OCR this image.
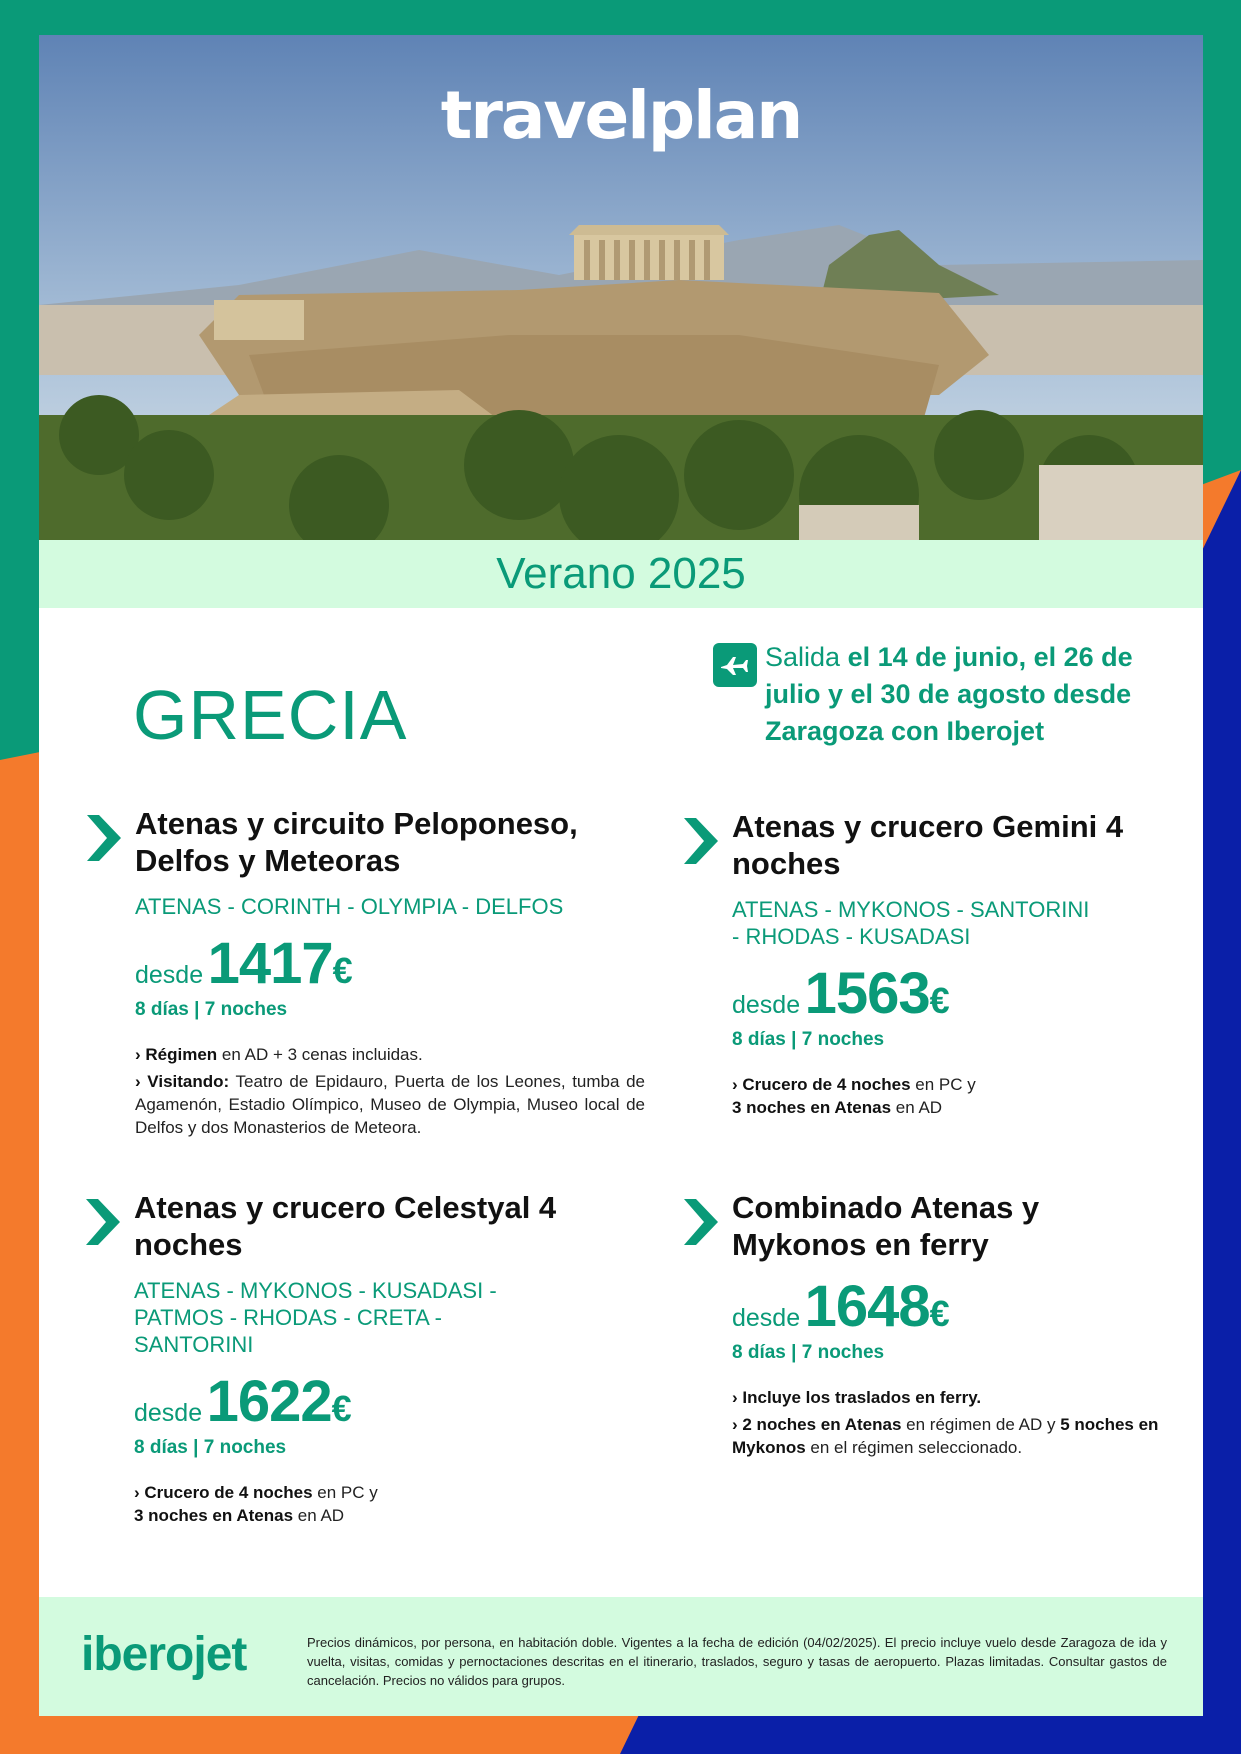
travelplan
Verano 2025
GRECIA
Salida el 14 de junio, el 26 de julio y el 30 de agosto desde Zaragoza con Iberojet
Atenas y circuito Peloponeso, Delfos y Meteoras
ATENAS - CORINTH - OLYMPIA - DELFOS
desde 1417€
8 días | 7 noches

› Régimen en AD + 3 cenas incluidas.

› Visitando: Teatro de Epidauro, Puerta de los Leones, tumba de Agamenón, Estadio Olímpico, Museo de Olympia, Museo local de Delfos y dos Monasterios de Meteora.

Atenas y crucero Gemini 4 noches
ATENAS - MYKONOS - SANTORINI - RHODAS - KUSADASI
desde 1563€
8 días | 7 noches

› Crucero de 4 noches en PC y
3 noches en Atenas en AD

Atenas y crucero Celestyal 4 noches
ATENAS - MYKONOS - KUSADASI - PATMOS - RHODAS - CRETA - SANTORINI
desde 1622€
8 días | 7 noches

› Crucero de 4 noches en PC y
3 noches en Atenas en AD

Combinado Atenas y Mykonos en ferry
desde 1648€
8 días | 7 noches

› Incluye los traslados en ferry.

› 2 noches en Atenas en régimen de AD y 5 noches en Mykonos en el régimen seleccionado.

iberojet	Precios dinámicos, por persona, en habitación doble. Vigentes a la fecha de edición (04/02/2025). El precio incluye vuelo desde Zaragoza de ida y vuelta, visitas, comidas y pernoctaciones descritas en el itinerario, traslados, seguro y tasas de aeropuerto. Plazas limitadas. Consultar gastos de cancelación. Precios no válidos para grupos.
